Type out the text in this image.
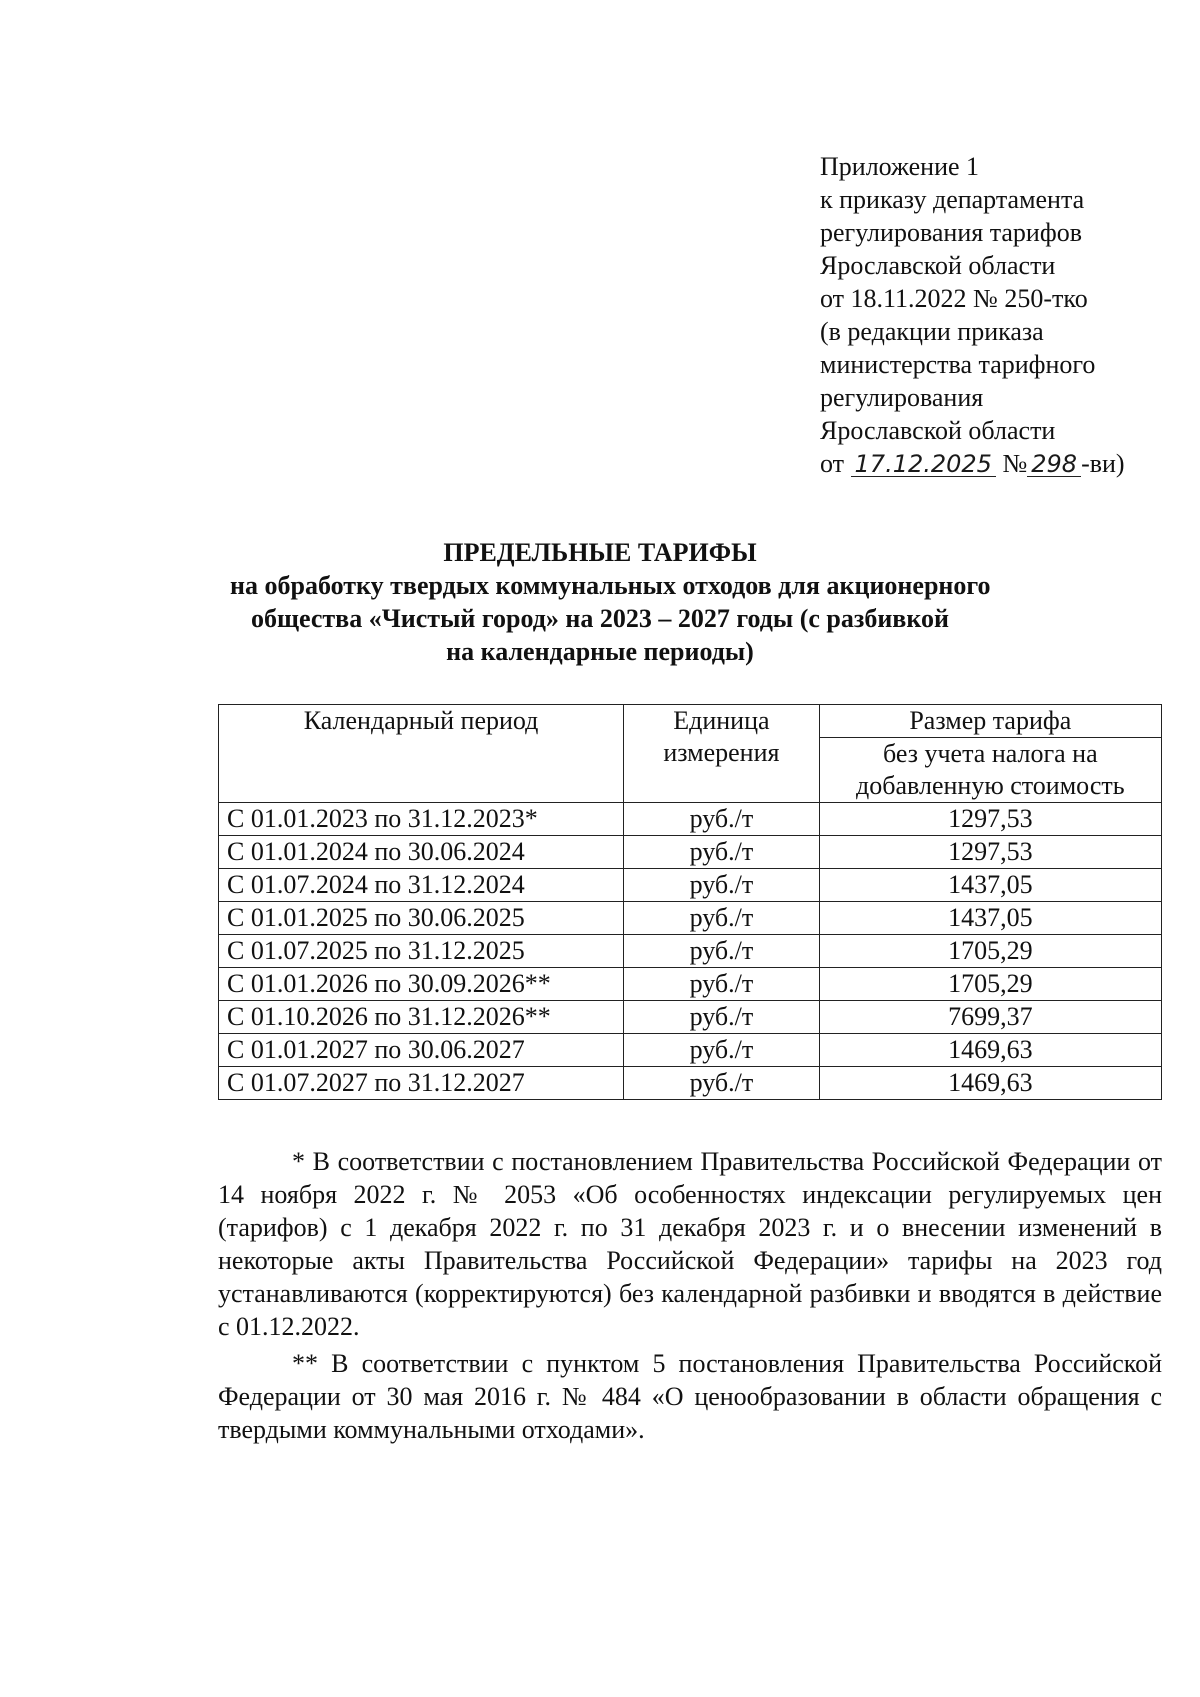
Приложение 1
к приказу департамента
регулирования тарифов
Ярославской области
от 18.11.2022 № 250-тко
(в редакции приказа
министерства тарифного
регулирования
Ярославской области
от 17.12.2025 № 298 -ви)
ПРЕДЕЛЬНЫЕ ТАРИФЫ
на обработку твердых коммунальных отходов для акционерного
общества «Чистый город» на 2023 – 2027 годы (с разбивкой
на календарные периоды)
Календарный период	Единица измерения	Размер тарифа
		без учета налога на добавленную стоимость
С 01.01.2023 по 31.12.2023*	руб./т	1297,53
С 01.01.2024 по 30.06.2024	руб./т	1297,53
С 01.07.2024 по 31.12.2024	руб./т	1437,05
С 01.01.2025 по 30.06.2025	руб./т	1437,05
С 01.07.2025 по 31.12.2025	руб./т	1705,29
С 01.01.2026 по 30.09.2026**	руб./т	1705,29
С 01.10.2026 по 31.12.2026**	руб./т	7699,37
С 01.01.2027 по 30.06.2027	руб./т	1469,63
С 01.07.2027 по 31.12.2027	руб./т	1469,63

* В соответствии с постановлением Правительства Российской Федерации от 14 ноября 2022 г. № 2053 «Об особенностях индексации регулируемых цен (тарифов) с 1 декабря 2022 г. по 31 декабря 2023 г. и о внесении изменений в некоторые акты Правительства Российской Федерации» тарифы на 2023 год устанавливаются (корректируются) без календарной разбивки и вводятся в действие с 01.12.2022.

** В соответствии с пунктом 5 постановления Правительства Российской Федерации от 30 мая 2016 г. № 484 «О ценообразовании в области обращения с твердыми коммунальными отходами».
